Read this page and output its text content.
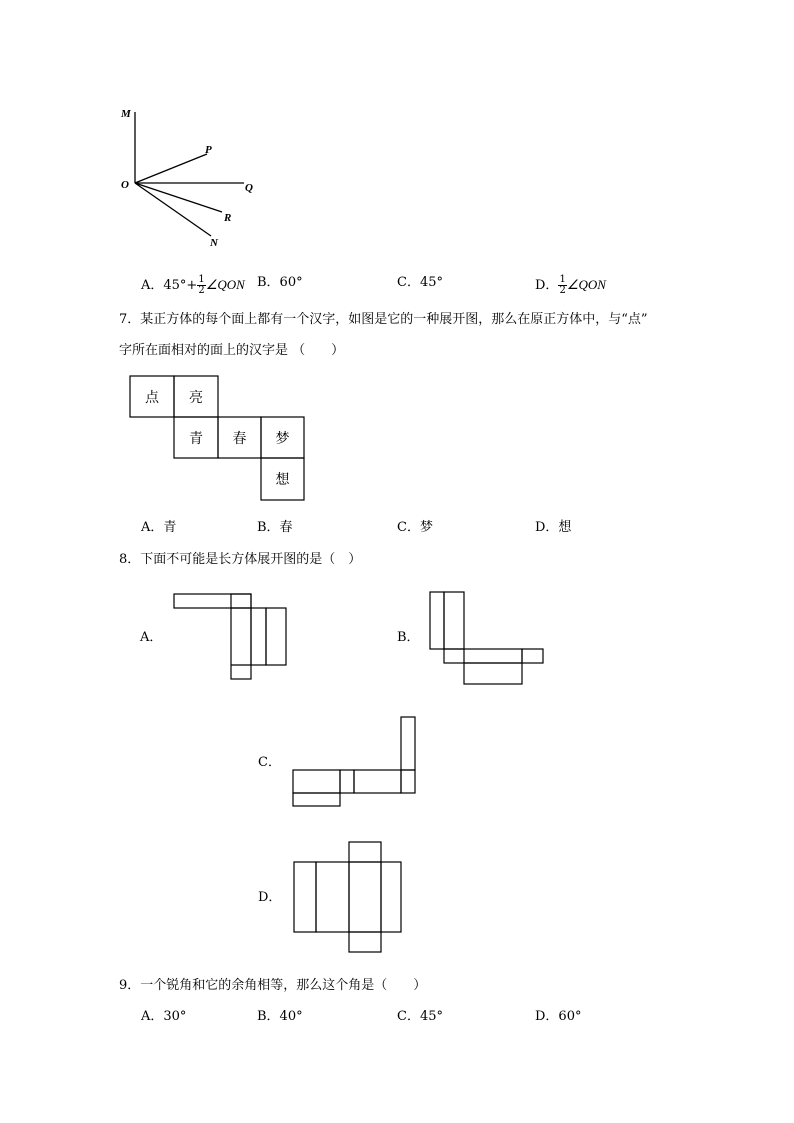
M
P
O	Q
R
N
A．$45^\circ+ \frac{1}{2}$ ∠QON B．60°	C．45°	D． $\frac{1}{2}$ ∠QON
7．某正方体的每个面上都有一个汉字，如图是它的一种展开图，那么在原正方体中，与“点”
字所在面相对的面上的汉字是 （　　）
点	亮
青	春	梦
想
A．青	B．春	C．梦	D．想
8．下面不可能是长方体展开图的是（　）
A．	B．
C．
D．
9．一个锐角和它的余角相等，那么这个角是（　　）
A．30°	B．40°	C．45°	D．60°
